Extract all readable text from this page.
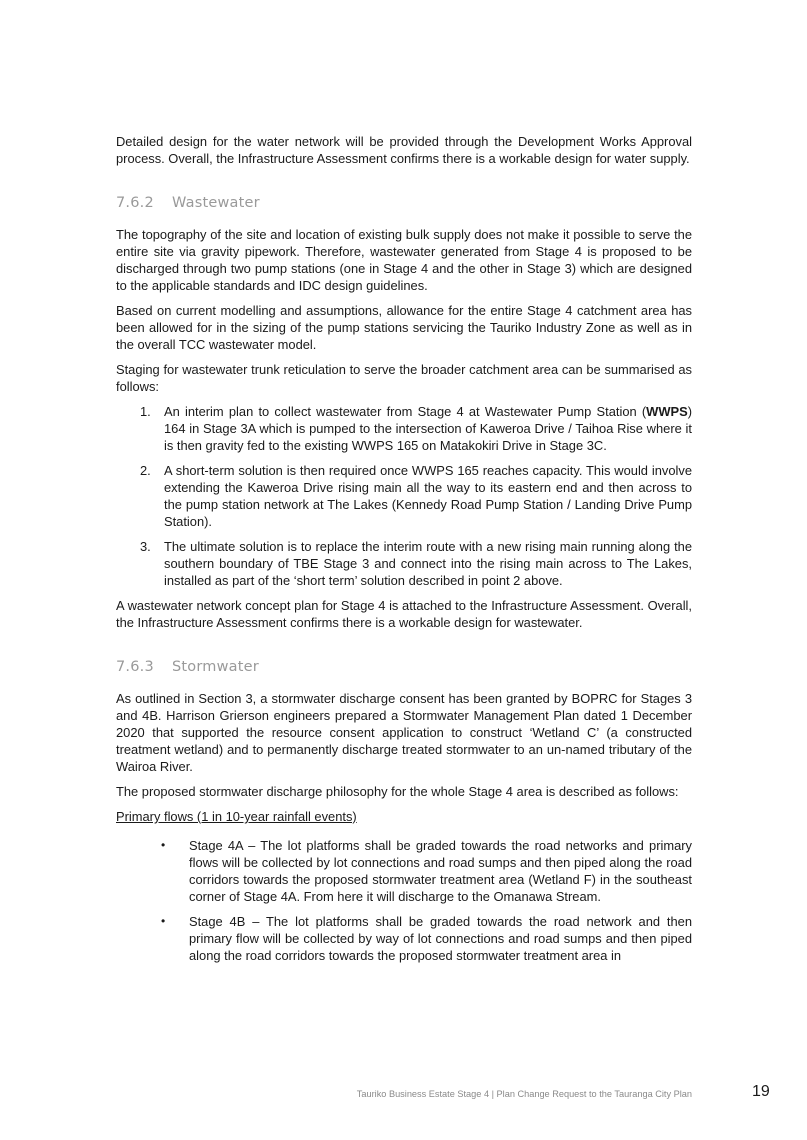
Detailed design for the water network will be provided through the Development Works Approval process. Overall, the Infrastructure Assessment confirms there is a workable design for water supply.

7.6.2 Wastewater

The topography of the site and location of existing bulk supply does not make it possible to serve the entire site via gravity pipework. Therefore, wastewater generated from Stage 4 is proposed to be discharged through two pump stations (one in Stage 4 and the other in Stage 3) which are designed to the applicable standards and IDC design guidelines.

Based on current modelling and assumptions, allowance for the entire Stage 4 catchment area has been allowed for in the sizing of the pump stations servicing the Tauriko Industry Zone as well as in the overall TCC wastewater model.

Staging for wastewater trunk reticulation to serve the broader catchment area can be summarised as follows:

1. An interim plan to collect wastewater from Stage 4 at Wastewater Pump Station (WWPS) 164 in Stage 3A which is pumped to the intersection of Kaweroa Drive / Taihoa Rise where it is then gravity fed to the existing WWPS 165 on Matakokiri Drive in Stage 3C.
2. A short-term solution is then required once WWPS 165 reaches capacity. This would involve extending the Kaweroa Drive rising main all the way to its eastern end and then across to the pump station network at The Lakes (Kennedy Road Pump Station / Landing Drive Pump Station).
3. The ultimate solution is to replace the interim route with a new rising main running along the southern boundary of TBE Stage 3 and connect into the rising main across to The Lakes, installed as part of the ‘short term’ solution described in point 2 above.

A wastewater network concept plan for Stage 4 is attached to the Infrastructure Assessment. Overall, the Infrastructure Assessment confirms there is a workable design for wastewater.

7.6.3 Stormwater

As outlined in Section 3, a stormwater discharge consent has been granted by BOPRC for Stages 3 and 4B. Harrison Grierson engineers prepared a Stormwater Management Plan dated 1 December 2020 that supported the resource consent application to construct ‘Wetland C’ (a constructed treatment wetland) and to permanently discharge treated stormwater to an un-named tributary of the Wairoa River.

The proposed stormwater discharge philosophy for the whole Stage 4 area is described as follows:

Primary flows (1 in 10-year rainfall events)

• Stage 4A – The lot platforms shall be graded towards the road networks and primary flows will be collected by lot connections and road sumps and then piped along the road corridors towards the proposed stormwater treatment area (Wetland F) in the southeast corner of Stage 4A. From here it will discharge to the Omanawa Stream.
• Stage 4B – The lot platforms shall be graded towards the road network and then primary flow will be collected by way of lot connections and road sumps and then piped along the road corridors towards the proposed stormwater treatment area in
Tauriko Business Estate Stage 4 | Plan Change Request to the Tauranga City Plan	19
